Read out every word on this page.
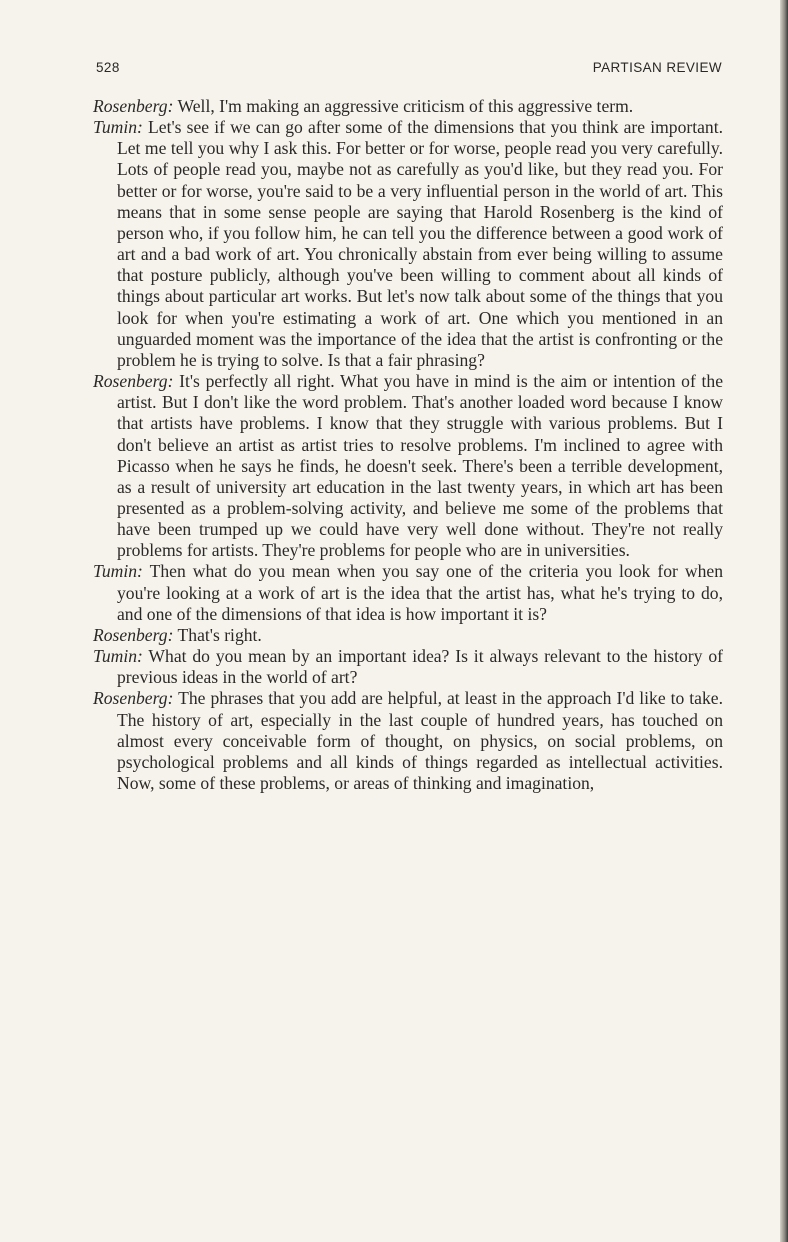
528	PARTISAN REVIEW

Rosenberg: Well, I'm making an aggressive criticism of this aggressive term.

Tumin: Let's see if we can go after some of the dimensions that you think are important. Let me tell you why I ask this. For better or for worse, people read you very carefully. Lots of people read you, maybe not as carefully as you'd like, but they read you. For better or for worse, you're said to be a very influential person in the world of art. This means that in some sense people are saying that Harold Rosenberg is the kind of person who, if you follow him, he can tell you the difference between a good work of art and a bad work of art. You chronically abstain from ever being willing to assume that posture publicly, although you've been willing to comment about all kinds of things about particular art works. But let's now talk about some of the things that you look for when you're estimating a work of art. One which you mentioned in an unguarded moment was the importance of the idea that the artist is confronting or the problem he is trying to solve. Is that a fair phrasing?

Rosenberg: It's perfectly all right. What you have in mind is the aim or intention of the artist. But I don't like the word problem. That's another loaded word because I know that artists have problems. I know that they struggle with various problems. But I don't believe an artist as artist tries to resolve problems. I'm inclined to agree with Picasso when he says he finds, he doesn't seek. There's been a terrible development, as a result of university art education in the last twenty years, in which art has been presented as a problem-solving activity, and believe me some of the problems that have been trumped up we could have very well done without. They're not really problems for artists. They're problems for people who are in universities.

Tumin: Then what do you mean when you say one of the criteria you look for when you're looking at a work of art is the idea that the artist has, what he's trying to do, and one of the dimensions of that idea is how important it is?

Rosenberg: That's right.

Tumin: What do you mean by an important idea? Is it always relevant to the history of previous ideas in the world of art?

Rosenberg: The phrases that you add are helpful, at least in the approach I'd like to take. The history of art, especially in the last couple of hundred years, has touched on almost every conceivable form of thought, on physics, on social problems, on psychological problems and all kinds of things regarded as intellectual activities. Now, some of these problems, or areas of thinking and imagination,
